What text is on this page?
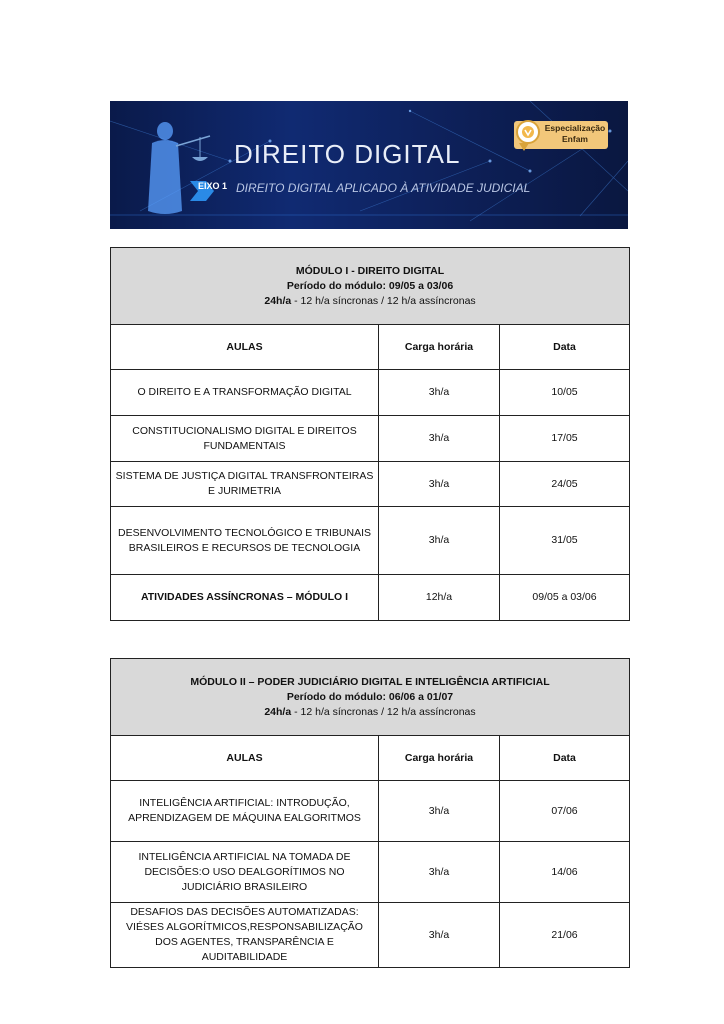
DIREITO DIGITAL
EIXO 1 DIREITO DIGITAL APLICADO À ATIVIDADE JUDICIAL
Especialização
Enfam
MÓDULO I - DIREITO DIGITAL
Período do módulo: 09/05 a 03/06
24h/a - 12 h/a síncronas / 12 h/a assíncronas		

AULAS	Carga horária	Data
O DIREITO E A TRANSFORMAÇÃO DIGITAL	3h/a	10/05
CONSTITUCIONALISMO DIGITAL E DIREITOS FUNDAMENTAIS	3h/a	17/05
SISTEMA DE JUSTIÇA DIGITAL TRANSFRONTEIRAS E JURIMETRIA	3h/a	24/05
DESENVOLVIMENTO TECNOLÓGICO E TRIBUNAIS BRASILEIROS E RECURSOS DE TECNOLOGIA	3h/a	31/05
ATIVIDADES ASSÍNCRONAS – MÓDULO I	12h/a	09/05 a 03/06
MÓDULO II – PODER JUDICIÁRIO DIGITAL E INTELIGÊNCIA ARTIFICIAL
Período do módulo: 06/06 a 01/07
24h/a - 12 h/a síncronas / 12 h/a assíncronas		

AULAS	Carga horária	Data
INTELIGÊNCIA ARTIFICIAL: INTRODUÇÃO, APRENDIZAGEM DE MÁQUINA EALGORITMOS	3h/a	07/06
INTELIGÊNCIA ARTIFICIAL NA TOMADA DE DECISÕES:O USO DEALGORÍTIMOS NO JUDICIÁRIO BRASILEIRO	3h/a	14/06
DESAFIOS DAS DECISÕES AUTOMATIZADAS: VIÉSES ALGORÍTMICOS,RESPONSABILIZAÇÃO DOS AGENTES, TRANSPARÊNCIA E AUDITABILIDADE	3h/a	21/06
